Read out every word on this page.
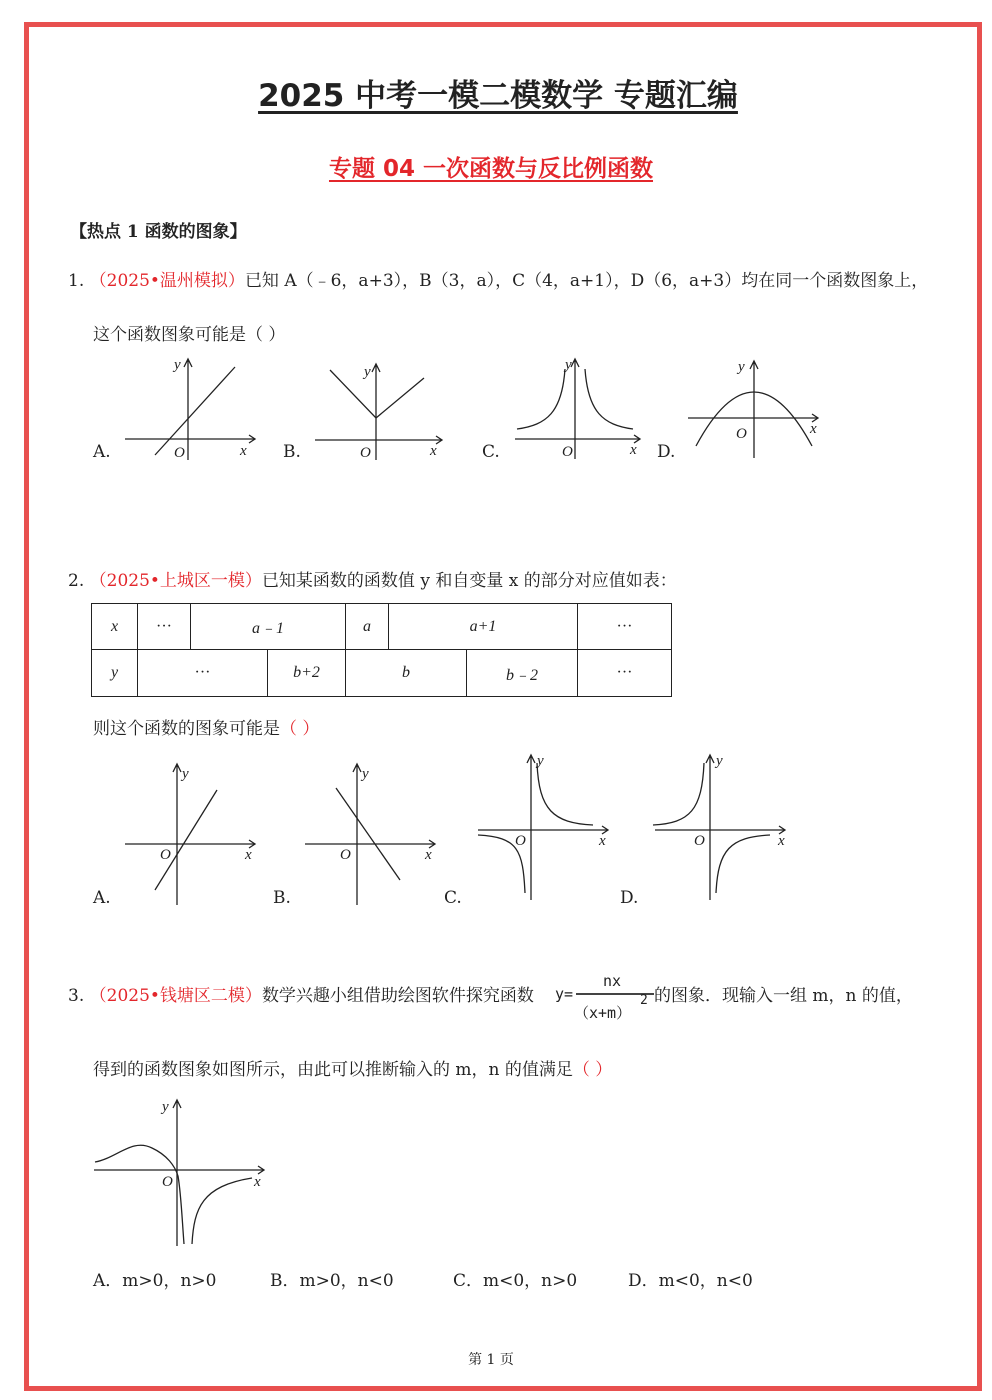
2025 中考一模二模数学 专题汇编
专题 04 一次函数与反比例函数
【热点 1 函数的图象】
1. （2025•温州模拟）已知 A（﹣6，a+3），B（3，a），C（4，a+1），D（6，a+3）均在同一个函数图象上，
这个函数图象可能是（ ）
y
O	x
A.
y
O	x
B.
y
O	x
C.
y
O	x
D.
2. （2025•上城区一模）已知某函数的函数值 y 和自变量 x 的部分对应值如表：
x	···	a﹣1	a	a+1	···
y	···	b+2	b	b﹣2	···
则这个函数的图象可能是（ ）
y
O	x
A.
y
O	x
B.
y
O	x
C.
y
O	x
D.
3. （2025•钱塘区二模）数学兴趣小组借助绘图软件探究函数 y=
nx
（x+m）
2 的图象．现输入一组 m，n 的值，
得到的函数图象如图所示，由此可以推断输入的 m，n 的值满足（ ）
y
O	x
A．m>0，n>0	B．m>0，n<0	C．m<0，n>0	D．m<0，n<0
第 1 页
